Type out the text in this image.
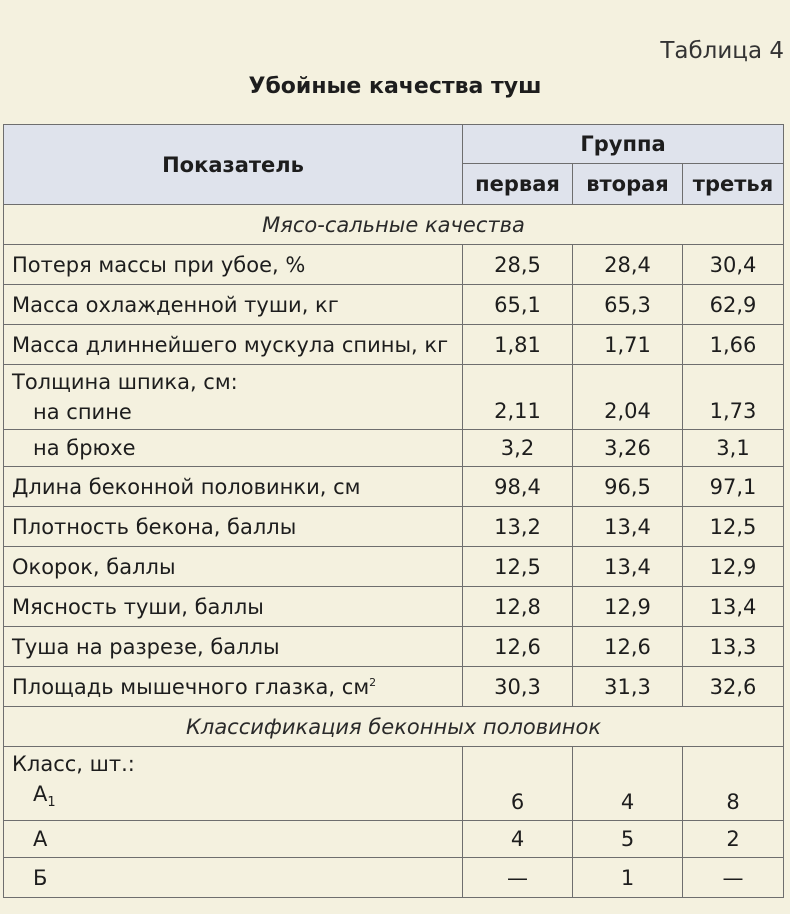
Таблица 4
Убойные качества туш
Показатель	Группа		
	первая	вторая	третья
Мясо-сальные качества			
Потеря массы при убое, %	28,5	28,4	30,4
Масса охлажденной туши, кг	65,1	65,3	62,9
Масса длиннейшего мускула спины, кг	1,81	1,71	1,66
Толщина шпика, см:
на спине	2,11	2,04	1,73
на брюхе	3,2	3,26	3,1
Длина беконной половинки, см	98,4	96,5	97,1
Плотность бекона, баллы	13,2	13,4	12,5
Окорок, баллы	12,5	13,4	12,9
Мясность туши, баллы	12,8	12,9	13,4
Туша на разрезе, баллы	12,6	12,6	13,3
Площадь мышечного глазка, $см^2$	30,3	31,3	32,6
Классификация беконных половинок			
Класс, шт.:
$А_1$	6	4	8
А	4	5	2
Б	—	1	—
